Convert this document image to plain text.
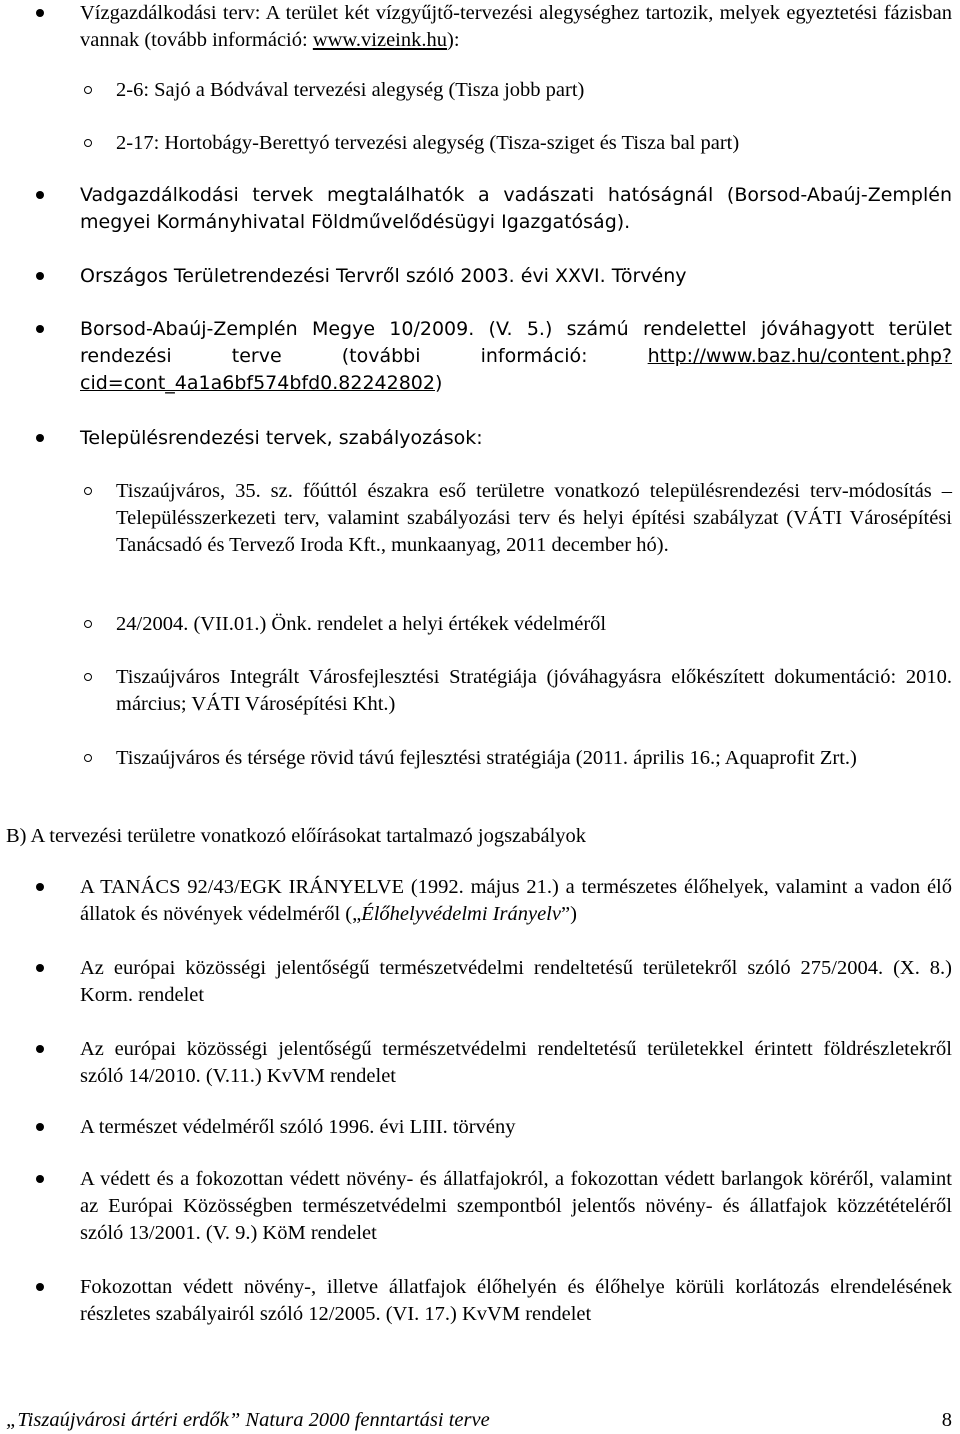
Vízgazdálkodási terv: A terület két vízgyűjtő-tervezési alegységhez tartozik, melyek egyeztetési fázisban vannak (tovább információ: www.vizeink.hu):
2-6: Sajó a Bódvával tervezési alegység (Tisza jobb part)
2-17: Hortobágy-Berettyó tervezési alegység (Tisza-sziget és Tisza bal part)
Vadgazdálkodási tervek megtalálhatók a vadászati hatóságnál (Borsod-Abaúj-Zemplén megyei Kormányhivatal Földművelődésügyi Igazgatóság).
Országos Területrendezési Tervről szóló 2003. évi XXVI. Törvény
Borsod-Abaúj-Zemplén Megye 10/2009. (V. 5.) számú rendelettel jóváhagyott terület rendezési terve (további információ: http://www.baz.hu/content.php?cid=cont_4a1a6bf574bfd0.82242802)
Településrendezési tervek, szabályozások:
Tiszaújváros, 35. sz. főúttól északra eső területre vonatkozó településrendezési terv-módosítás – Településszerkezeti terv, valamint szabályozási terv és helyi építési szabályzat (VÁTI Városépítési Tanácsadó és Tervező Iroda Kft., munkaanyag, 2011 december hó).
24/2004. (VII.01.) Önk. rendelet a helyi értékek védelméről
Tiszaújváros Integrált Városfejlesztési Stratégiája (jóváhagyásra előkészített dokumentáció: 2010. március; VÁTI Városépítési Kht.)
Tiszaújváros és térsége rövid távú fejlesztési stratégiája (2011. április 16.; Aquaprofit Zrt.)
B) A tervezési területre vonatkozó előírásokat tartalmazó jogszabályok
A TANÁCS 92/43/EGK IRÁNYELVE (1992. május 21.) a természetes élőhelyek, valamint a vadon élő állatok és növények védelméről („Élőhelyvédelmi Irányelv”)
Az európai közösségi jelentőségű természetvédelmi rendeltetésű területekről szóló 275/2004. (X. 8.) Korm. rendelet
Az európai közösségi jelentőségű természetvédelmi rendeltetésű területekkel érintett földrészletekről szóló 14/2010. (V.11.) KvVM rendelet
A természet védelméről szóló 1996. évi LIII. törvény
A védett és a fokozottan védett növény- és állatfajokról, a fokozottan védett barlangok köréről, valamint az Európai Közösségben természetvédelmi szempontból jelentős növény- és állatfajok közzétételéről szóló 13/2001. (V. 9.) KöM rendelet
Fokozottan védett növény-, illetve állatfajok élőhelyén és élőhelye körüli korlátozás elrendelésének részletes szabályairól szóló 12/2005. (VI. 17.) KvVM rendelet
„Tiszaújvárosi ártéri erdők” Natura 2000 fenntartási terve	8
